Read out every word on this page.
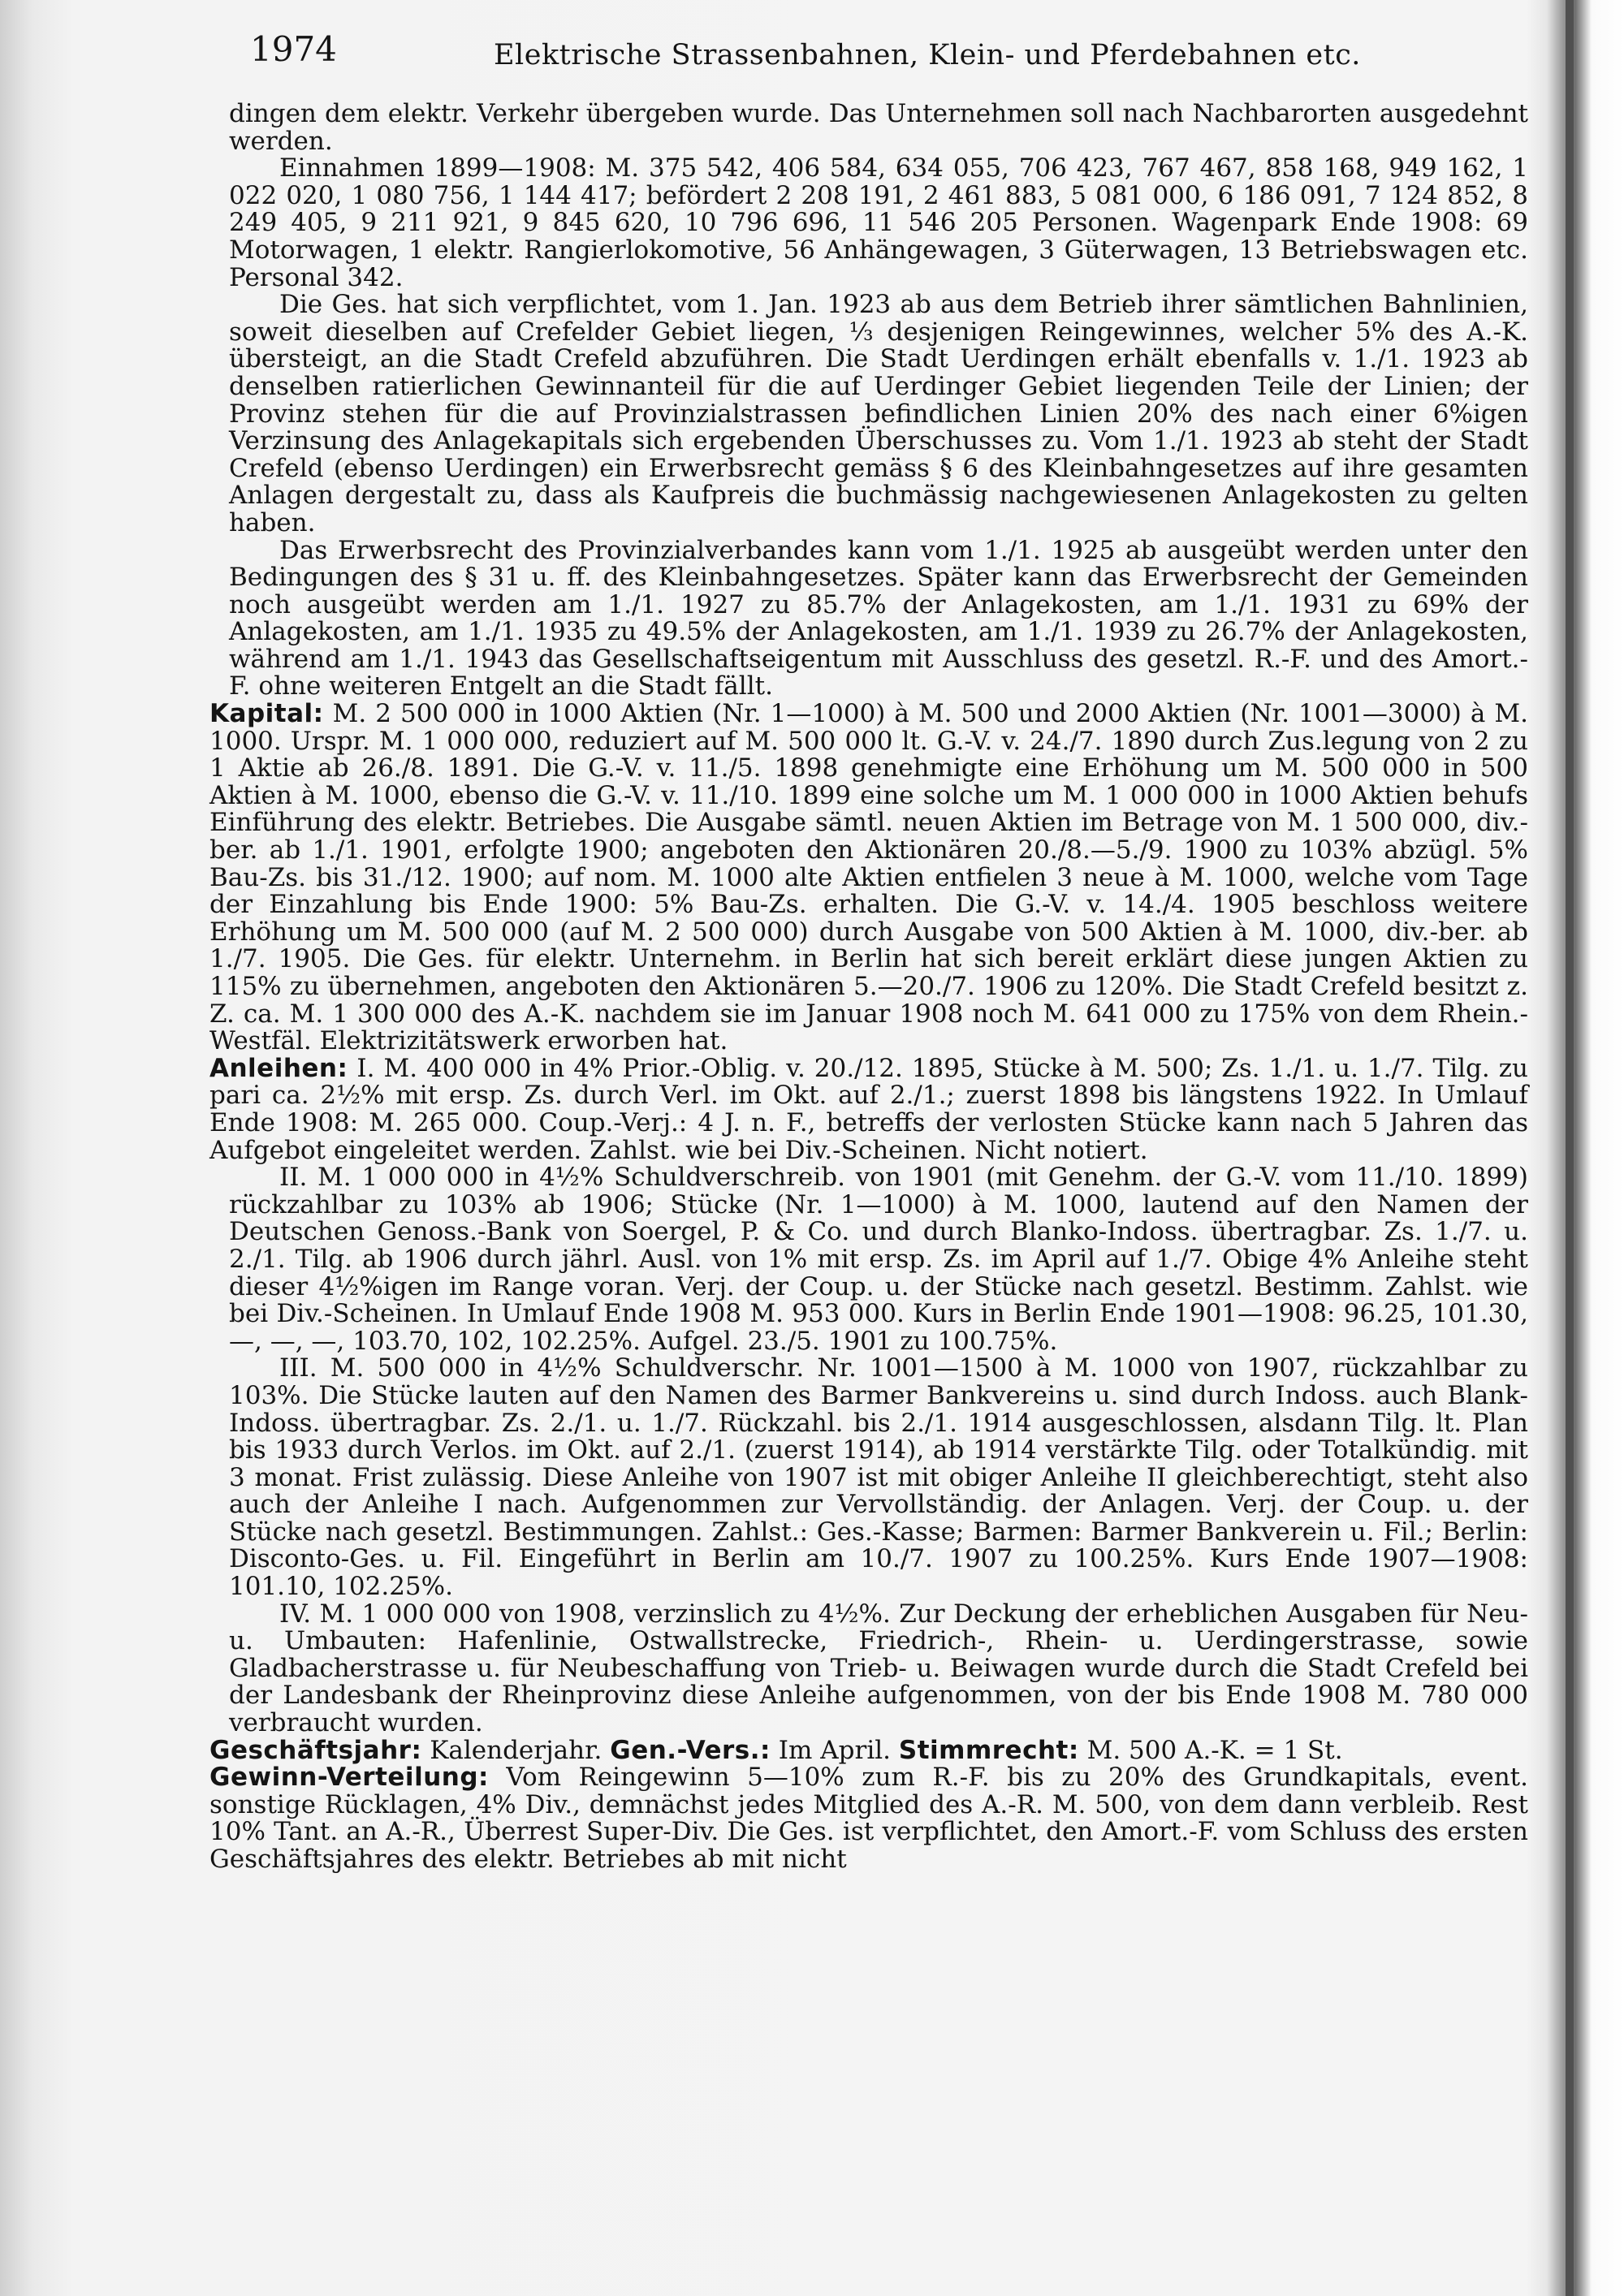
1974	Elektrische Strassenbahnen, Klein- und Pferdebahnen etc.

dingen dem elektr. Verkehr übergeben wurde. Das Unternehmen soll nach Nachbarorten ausgedehnt werden.

Einnahmen 1899—1908: M. 375 542, 406 584, 634 055, 706 423, 767 467, 858 168, 949 162, 1 022 020, 1 080 756, 1 144 417; befördert 2 208 191, 2 461 883, 5 081 000, 6 186 091, 7 124 852, 8 249 405, 9 211 921, 9 845 620, 10 796 696, 11 546 205 Personen. Wagenpark Ende 1908: 69 Motorwagen, 1 elektr. Rangierlokomotive, 56 Anhängewagen, 3 Güterwagen, 13 Betriebswagen etc. Personal 342.

Die Ges. hat sich verpflichtet, vom 1. Jan. 1923 ab aus dem Betrieb ihrer sämtlichen Bahnlinien, soweit dieselben auf Crefelder Gebiet liegen, ⅓ desjenigen Reingewinnes, welcher 5% des A.-K. übersteigt, an die Stadt Crefeld abzuführen. Die Stadt Uerdingen erhält ebenfalls v. 1./1. 1923 ab denselben ratierlichen Gewinnanteil für die auf Uerdinger Gebiet liegenden Teile der Linien; der Provinz stehen für die auf Provinzialstrassen befindlichen Linien 20% des nach einer 6%igen Verzinsung des Anlagekapitals sich ergebenden Überschusses zu. Vom 1./1. 1923 ab steht der Stadt Crefeld (ebenso Uerdingen) ein Erwerbsrecht gemäss § 6 des Kleinbahngesetzes auf ihre gesamten Anlagen dergestalt zu, dass als Kaufpreis die buchmässig nachgewiesenen Anlagekosten zu gelten haben.

Das Erwerbsrecht des Provinzialverbandes kann vom 1./1. 1925 ab ausgeübt werden unter den Bedingungen des § 31 u. ff. des Kleinbahngesetzes. Später kann das Erwerbsrecht der Gemeinden noch ausgeübt werden am 1./1. 1927 zu 85.7% der Anlagekosten, am 1./1. 1931 zu 69% der Anlagekosten, am 1./1. 1935 zu 49.5% der Anlagekosten, am 1./1. 1939 zu 26.7% der Anlagekosten, während am 1./1. 1943 das Gesellschaftseigentum mit Ausschluss des gesetzl. R.-F. und des Amort.-F. ohne weiteren Entgelt an die Stadt fällt.

Kapital: M. 2 500 000 in 1000 Aktien (Nr. 1—1000) à M. 500 und 2000 Aktien (Nr. 1001—3000) à M. 1000. Urspr. M. 1 000 000, reduziert auf M. 500 000 lt. G.-V. v. 24./7. 1890 durch Zus.legung von 2 zu 1 Aktie ab 26./8. 1891. Die G.-V. v. 11./5. 1898 genehmigte eine Erhöhung um M. 500 000 in 500 Aktien à M. 1000, ebenso die G.-V. v. 11./10. 1899 eine solche um M. 1 000 000 in 1000 Aktien behufs Einführung des elektr. Betriebes. Die Ausgabe sämtl. neuen Aktien im Betrage von M. 1 500 000, div.-ber. ab 1./1. 1901, erfolgte 1900; angeboten den Aktionären 20./8.—5./9. 1900 zu 103% abzügl. 5% Bau-Zs. bis 31./12. 1900; auf nom. M. 1000 alte Aktien entfielen 3 neue à M. 1000, welche vom Tage der Einzahlung bis Ende 1900: 5% Bau-Zs. erhalten. Die G.-V. v. 14./4. 1905 beschloss weitere Erhöhung um M. 500 000 (auf M. 2 500 000) durch Ausgabe von 500 Aktien à M. 1000, div.-ber. ab 1./7. 1905. Die Ges. für elektr. Unternehm. in Berlin hat sich bereit erklärt diese jungen Aktien zu 115% zu übernehmen, angeboten den Aktionären 5.—20./7. 1906 zu 120%. Die Stadt Crefeld besitzt z. Z. ca. M. 1 300 000 des A.-K. nachdem sie im Januar 1908 noch M. 641 000 zu 175% von dem Rhein.-Westfäl. Elektrizitätswerk erworben hat.

Anleihen: I. M. 400 000 in 4% Prior.-Oblig. v. 20./12. 1895, Stücke à M. 500; Zs. 1./1. u. 1./7. Tilg. zu pari ca. 2½% mit ersp. Zs. durch Verl. im Okt. auf 2./1.; zuerst 1898 bis längstens 1922. In Umlauf Ende 1908: M. 265 000. Coup.-Verj.: 4 J. n. F., betreffs der verlosten Stücke kann nach 5 Jahren das Aufgebot eingeleitet werden. Zahlst. wie bei Div.-Scheinen. Nicht notiert.

II. M. 1 000 000 in 4½% Schuldverschreib. von 1901 (mit Genehm. der G.-V. vom 11./10. 1899) rückzahlbar zu 103% ab 1906; Stücke (Nr. 1—1000) à M. 1000, lautend auf den Namen der Deutschen Genoss.-Bank von Soergel, P. & Co. und durch Blanko-Indoss. übertragbar. Zs. 1./7. u. 2./1. Tilg. ab 1906 durch jährl. Ausl. von 1% mit ersp. Zs. im April auf 1./7. Obige 4% Anleihe steht dieser 4½%igen im Range voran. Verj. der Coup. u. der Stücke nach gesetzl. Bestimm. Zahlst. wie bei Div.-Scheinen. In Umlauf Ende 1908 M. 953 000. Kurs in Berlin Ende 1901—1908: 96.25, 101.30, —, —, —, 103.70, 102, 102.25%. Aufgel. 23./5. 1901 zu 100.75%.

III. M. 500 000 in 4½% Schuldverschr. Nr. 1001—1500 à M. 1000 von 1907, rückzahlbar zu 103%. Die Stücke lauten auf den Namen des Barmer Bankvereins u. sind durch Indoss. auch Blank-Indoss. übertragbar. Zs. 2./1. u. 1./7. Rückzahl. bis 2./1. 1914 ausgeschlossen, alsdann Tilg. lt. Plan bis 1933 durch Verlos. im Okt. auf 2./1. (zuerst 1914), ab 1914 verstärkte Tilg. oder Totalkündig. mit 3 monat. Frist zulässig. Diese Anleihe von 1907 ist mit obiger Anleihe II gleichberechtigt, steht also auch der Anleihe I nach. Aufgenommen zur Vervollständig. der Anlagen. Verj. der Coup. u. der Stücke nach gesetzl. Bestimmungen. Zahlst.: Ges.-Kasse; Barmen: Barmer Bankverein u. Fil.; Berlin: Disconto-Ges. u. Fil. Eingeführt in Berlin am 10./7. 1907 zu 100.25%. Kurs Ende 1907—1908: 101.10, 102.25%.

IV. M. 1 000 000 von 1908, verzinslich zu 4½%. Zur Deckung der erheblichen Ausgaben für Neu- u. Umbauten: Hafenlinie, Ostwallstrecke, Friedrich-, Rhein- u. Uerdingerstrasse, sowie Gladbacherstrasse u. für Neubeschaffung von Trieb- u. Beiwagen wurde durch die Stadt Crefeld bei der Landesbank der Rheinprovinz diese Anleihe aufgenommen, von der bis Ende 1908 M. 780 000 verbraucht wurden.

Geschäftsjahr: Kalenderjahr. Gen.-Vers.: Im April. Stimmrecht: M. 500 A.-K. = 1 St.

Gewinn-Verteilung: Vom Reingewinn 5—10% zum R.-F. bis zu 20% des Grundkapitals, event. sonstige Rücklagen, 4% Div., demnächst jedes Mitglied des A.-R. M. 500, von dem dann verbleib. Rest 10% Tant. an A.-R., Überrest Super-Div. Die Ges. ist verpflichtet, den Amort.-F. vom Schluss des ersten Geschäftsjahres des elektr. Betriebes ab mit nicht
